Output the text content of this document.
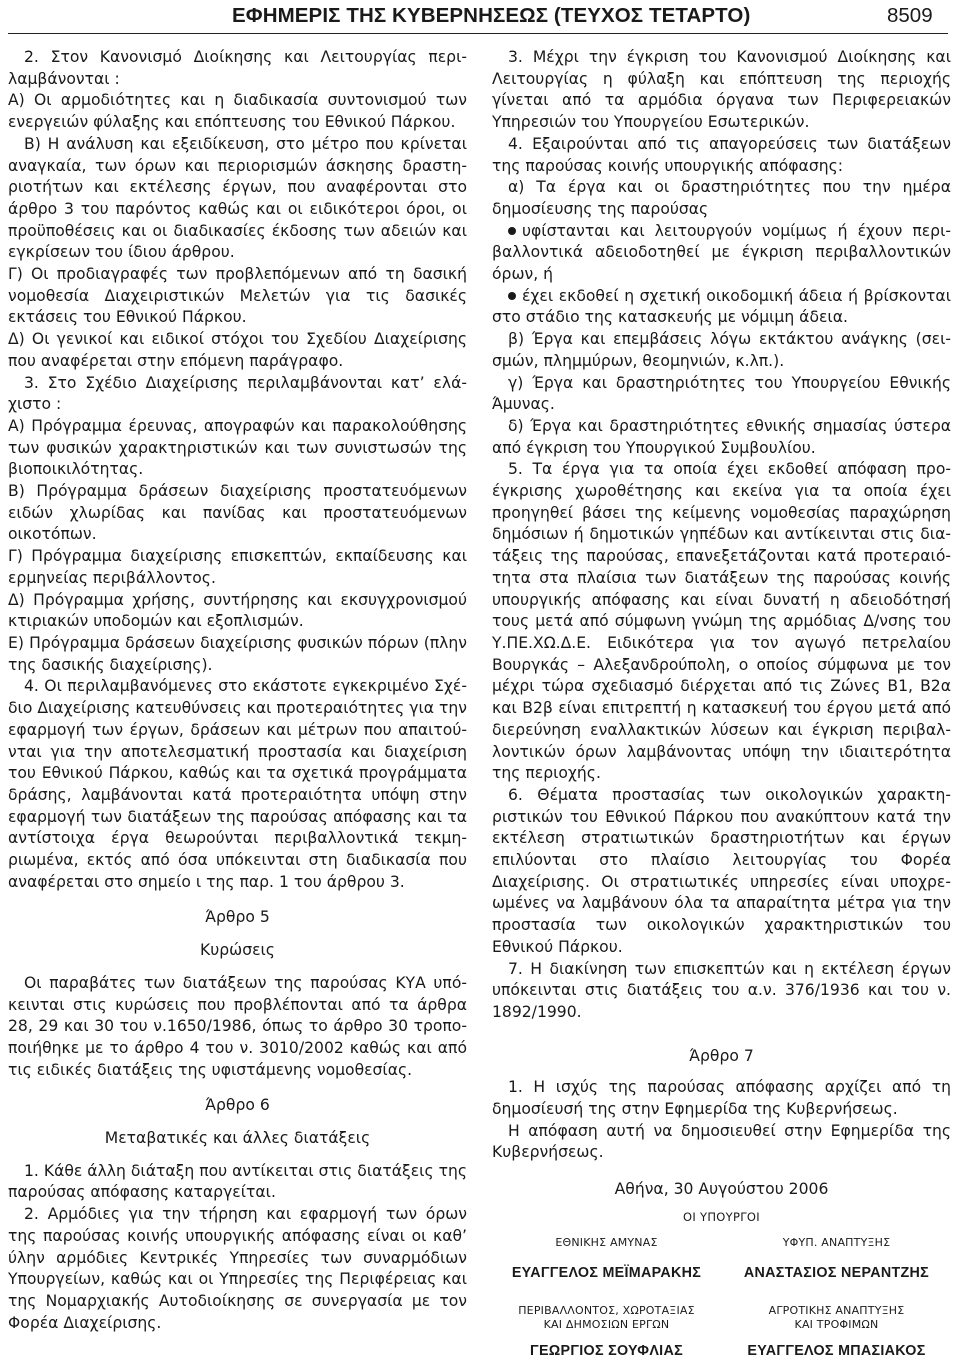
ΕΦΗΜΕΡΙΣ ΤΗΣ ΚΥΒΕΡΝΗΣΕΩΣ (ΤΕΥΧΟΣ ΤΕΤΑΡΤΟ)	8509

2. Στον Κανονισμό Διοίκησης και Λειτουργίας περιλαμβάνονται :

Α) Οι αρμοδιότητες και η διαδικασία συντονισμού των ενεργειών φύλαξης και επόπτευσης του Εθνικού Πάρκου.

Β) Η ανάλυση και εξειδίκευση, στο μέτρο που κρίνεται αναγκαία, των όρων και περιορισμών άσκησης δραστηριοτήτων και εκτέλεσης έργων, που αναφέρονται στο άρθρο 3 του παρόντος καθώς και οι ειδικότεροι όροι, οι προϋποθέσεις και οι διαδικασίες έκδοσης των αδειών και εγκρίσεων του ίδιου άρθρου.

Γ) Οι προδιαγραφές των προβλεπόμενων από τη δασική νομοθεσία Διαχειριστικών Μελετών για τις δασικές εκτάσεις του Εθνικού Πάρκου.

Δ) Οι γενικοί και ειδικοί στόχοι του Σχεδίου Διαχείρισης που αναφέρεται στην επόμενη παράγραφο.

3. Στο Σχέδιο Διαχείρισης περιλαμβάνονται κατ’ ελάχιστο :

Α) Πρόγραμμα έρευνας, απογραφών και παρακολούθησης των φυσικών χαρακτηριστικών και των συνιστωσών της βιοποικιλότητας.

Β) Πρόγραμμα δράσεων διαχείρισης προστατευόμενων ειδών χλωρίδας και πανίδας και προστατευόμενων οικοτόπων.

Γ) Πρόγραμμα διαχείρισης επισκεπτών, εκπαίδευσης και ερμηνείας περιβάλλοντος.

Δ) Πρόγραμμα χρήσης, συντήρησης και εκσυγχρονισμού κτιριακών υποδομών και εξοπλισμών.

Ε) Πρόγραμμα δράσεων διαχείρισης φυσικών πόρων (πλην της δασικής διαχείρισης).

4. Οι περιλαμβανόμενες στο εκάστοτε εγκεκριμένο Σχέδιο Διαχείρισης κατευθύνσεις και προτεραιότητες για την εφαρμογή των έργων, δράσεων και μέτρων που απαιτούνται για την αποτελεσματική προστασία και διαχείριση του Εθνικού Πάρκου, καθώς και τα σχετικά προγράμματα δράσης, λαμβάνονται κατά προτεραιότητα υπόψη στην εφαρμογή των διατάξεων της παρούσας απόφασης και τα αντίστοιχα έργα θεωρούνται περιβαλλοντικά τεκμηριωμένα, εκτός από όσα υπόκεινται στη διαδικασία που αναφέρεται στο σημείο ι της παρ. 1 του άρθρου 3.

Άρθρο 5

Κυρώσεις

Οι παραβάτες των διατάξεων της παρούσας ΚΥΑ υπόκεινται στις κυρώσεις που προβλέπονται από τα άρθρα 28, 29 και 30 του ν.1650/1986, όπως το άρθρο 30 τροποποιήθηκε με το άρθρο 4 του ν. 3010/2002 καθώς και από τις ειδικές διατάξεις της υφιστάμενης νομοθεσίας.

Άρθρο 6

Μεταβατικές και άλλες διατάξεις

1. Κάθε άλλη διάταξη που αντίκειται στις διατάξεις της παρούσας απόφασης καταργείται.

2. Αρμόδιες για την τήρηση και εφαρμογή των όρων της παρούσας κοινής υπουργικής απόφασης είναι οι καθ’ ύλην αρμόδιες Κεντρικές Υπηρεσίες των συναρμόδιων Υπουργείων, καθώς και οι Υπηρεσίες της Περιφέρειας και της Νομαρχιακής Αυτοδιοίκησης σε συνεργασία με τον Φορέα Διαχείρισης.

3. Μέχρι την έγκριση του Κανονισμού Διοίκησης και Λειτουργίας η φύλαξη και επόπτευση της περιοχής γίνεται από τα αρμόδια όργανα των Περιφερειακών Υπηρεσιών του Υπουργείου Εσωτερικών.

4. Εξαιρούνται από τις απαγορεύσεις των διατάξεων της παρούσας κοινής υπουργικής απόφασης:

α) Τα έργα και οι δραστηριότητες που την ημέρα δημοσίευσης της παρούσας

υφίστανται και λειτουργούν νομίμως ή έχουν περιβαλλοντικά αδειοδοτηθεί με έγκριση περιβαλλοντικών όρων, ή

έχει εκδοθεί η σχετική οικοδομική άδεια ή βρίσκονται στο στάδιο της κατασκευής με νόμιμη άδεια.

β) Έργα και επεμβάσεις λόγω εκτάκτου ανάγκης (σεισμών, πλημμύρων, θεομηνιών, κ.λπ.).

γ) Έργα και δραστηριότητες του Υπουργείου Εθνικής Άμυνας.

δ) Έργα και δραστηριότητες εθνικής σημασίας ύστερα από έγκριση του Υπουργικού Συμβουλίου.

5. Τα έργα για τα οποία έχει εκδοθεί απόφαση προέγκρισης χωροθέτησης και εκείνα για τα οποία έχει προηγηθεί βάσει της κείμενης νομοθεσίας παραχώρηση δημόσιων ή δημοτικών γηπέδων και αντίκεινται στις διατάξεις της παρούσας, επανεξετάζονται κατά προτεραιότητα στα πλαίσια των διατάξεων της παρούσας κοινής υπουργικής απόφασης και είναι δυνατή η αδειοδότησή τους μετά από σύμφωνη γνώμη της αρμόδιας Δ/νσης του Υ.ΠΕ.ΧΩ.Δ.Ε. Ειδικότερα για τον αγωγό πετρελαίου Βουργκάς – Αλεξανδρούπολη, ο οποίος σύμφωνα με τον μέχρι τώρα σχεδιασμό διέρχεται από τις Ζώνες Β1, Β2α και Β2β είναι επιτρεπτή η κατασκευή του έργου μετά από διερεύνηση εναλλακτικών λύσεων και έγκριση περιβαλλοντικών όρων λαμβάνοντας υπόψη την ιδιαιτερότητα της περιοχής.

6. Θέματα προστασίας των οικολογικών χαρακτηριστικών του Εθνικού Πάρκου που ανακύπτουν κατά την εκτέλεση στρατιωτικών δραστηριοτήτων και έργων επιλύονται στο πλαίσιο λειτουργίας του Φορέα Διαχείρισης. Οι στρατιωτικές υπηρεσίες είναι υποχρεωμένες να λαμβάνουν όλα τα απαραίτητα μέτρα για την προστασία των οικολογικών χαρακτηριστικών του Εθνικού Πάρκου.

7. Η διακίνηση των επισκεπτών και η εκτέλεση έργων υπόκεινται στις διατάξεις του α.ν. 376/1936 και του ν. 1892/1990.

Άρθρο 7

1. Η ισχύς της παρούσας απόφασης αρχίζει από τη δημοσίευσή της στην Εφημερίδα της Κυβερνήσεως.

Η απόφαση αυτή να δημοσιευθεί στην Εφημερίδα της Κυβερνήσεως.

Αθήνα, 30 Αυγούστου 2006
ΟΙ ΥΠΟΥΡΓΟΙ
ΕΘΝΙΚΗΣ ΑΜΥΝΑΣ
ΕΥΑΓΓΕΛΟΣ ΜΕΪΜΑΡΑΚΗΣ
ΥΦΥΠ. ΑΝΑΠΤΥΞΗΣ
ΑΝΑΣΤΑΣΙΟΣ ΝΕΡΑΝΤΖΗΣ
ΠΕΡΙΒΑΛΛΟΝΤΟΣ, ΧΩΡΟΤΑΞΙΑΣ
ΚΑΙ ΔΗΜΟΣΙΩΝ ΕΡΓΩΝ
ΓΕΩΡΓΙΟΣ ΣΟΥΦΛΙΑΣ
ΑΓΡΟΤΙΚΗΣ ΑΝΑΠΤΥΞΗΣ
ΚΑΙ ΤΡΟΦΙΜΩΝ
ΕΥΑΓΓΕΛΟΣ ΜΠΑΣΙΑΚΟΣ
